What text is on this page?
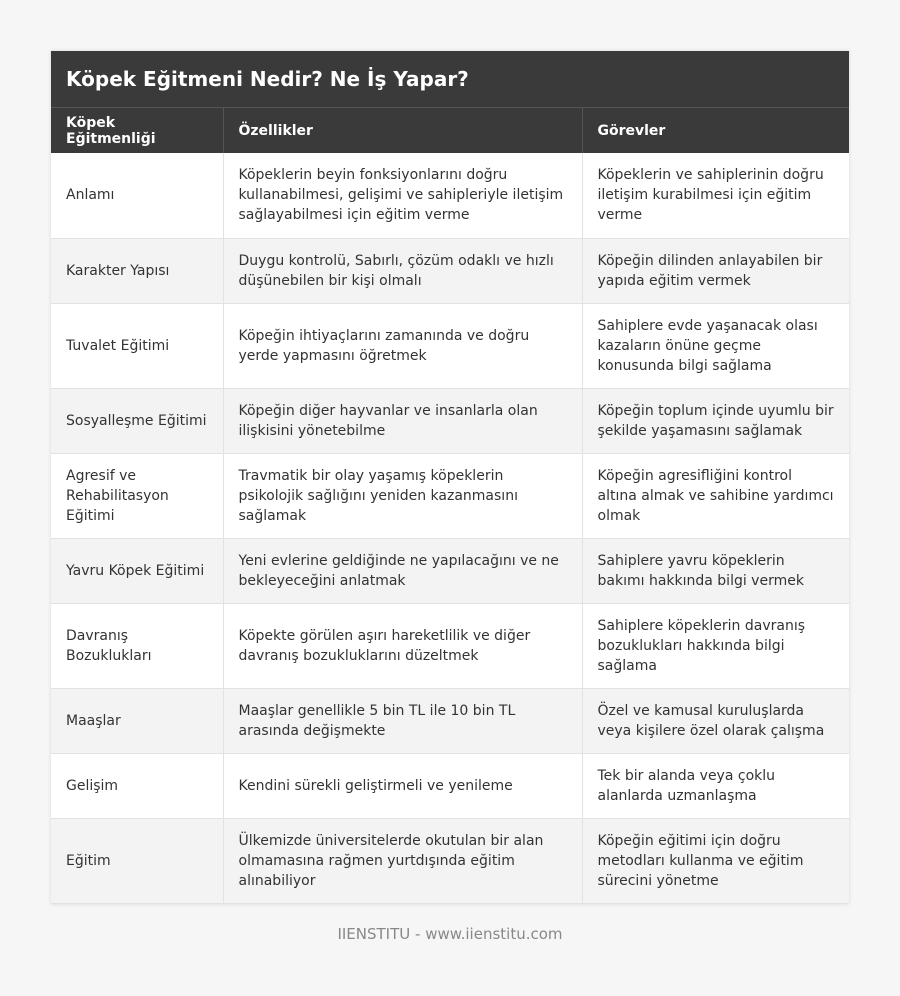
Köpek Eğitmeni Nedir? Ne İş Yapar?
Köpek Eğitmenliği	Özellikler	Görevler
Anlamı	Köpeklerin beyin fonksiyonlarını doğru kullanabilmesi, gelişimi ve sahipleriyle iletişim sağlayabilmesi için eğitim verme	Köpeklerin ve sahiplerinin doğru iletişim kurabilmesi için eğitim verme
Karakter Yapısı	Duygu kontrolü, Sabırlı, çözüm odaklı ve hızlı düşünebilen bir kişi olmalı	Köpeğin dilinden anlayabilen bir yapıda eğitim vermek
Tuvalet Eğitimi	Köpeğin ihtiyaçlarını zamanında ve doğru yerde yapmasını öğretmek	Sahiplere evde yaşanacak olası kazaların önüne geçme konusunda bilgi sağlama
Sosyalleşme Eğitimi	Köpeğin diğer hayvanlar ve insanlarla olan ilişkisini yönetebilme	Köpeğin toplum içinde uyumlu bir şekilde yaşamasını sağlamak
Agresif ve Rehabilitasyon Eğitimi	Travmatik bir olay yaşamış köpeklerin psikolojik sağlığını yeniden kazanmasını sağlamak	Köpeğin agresifliğini kontrol altına almak ve sahibine yardımcı olmak
Yavru Köpek Eğitimi	Yeni evlerine geldiğinde ne yapılacağını ve ne bekleyeceğini anlatmak	Sahiplere yavru köpeklerin bakımı hakkında bilgi vermek
Davranış Bozuklukları	Köpekte görülen aşırı hareketlilik ve diğer davranış bozukluklarını düzeltmek	Sahiplere köpeklerin davranış bozuklukları hakkında bilgi sağlama
Maaşlar	Maaşlar genellikle 5 bin TL ile 10 bin TL arasında değişmekte	Özel ve kamusal kuruluşlarda veya kişilere özel olarak çalışma
Gelişim	Kendini sürekli geliştirmeli ve yenileme	Tek bir alanda veya çoklu alanlarda uzmanlaşma
Eğitim	Ülkemizde üniversitelerde okutulan bir alan olmamasına rağmen yurtdışında eğitim alınabiliyor	Köpeğin eğitimi için doğru metodları kullanma ve eğitim sürecini yönetme
IIENSTITU - www.iienstitu.com
